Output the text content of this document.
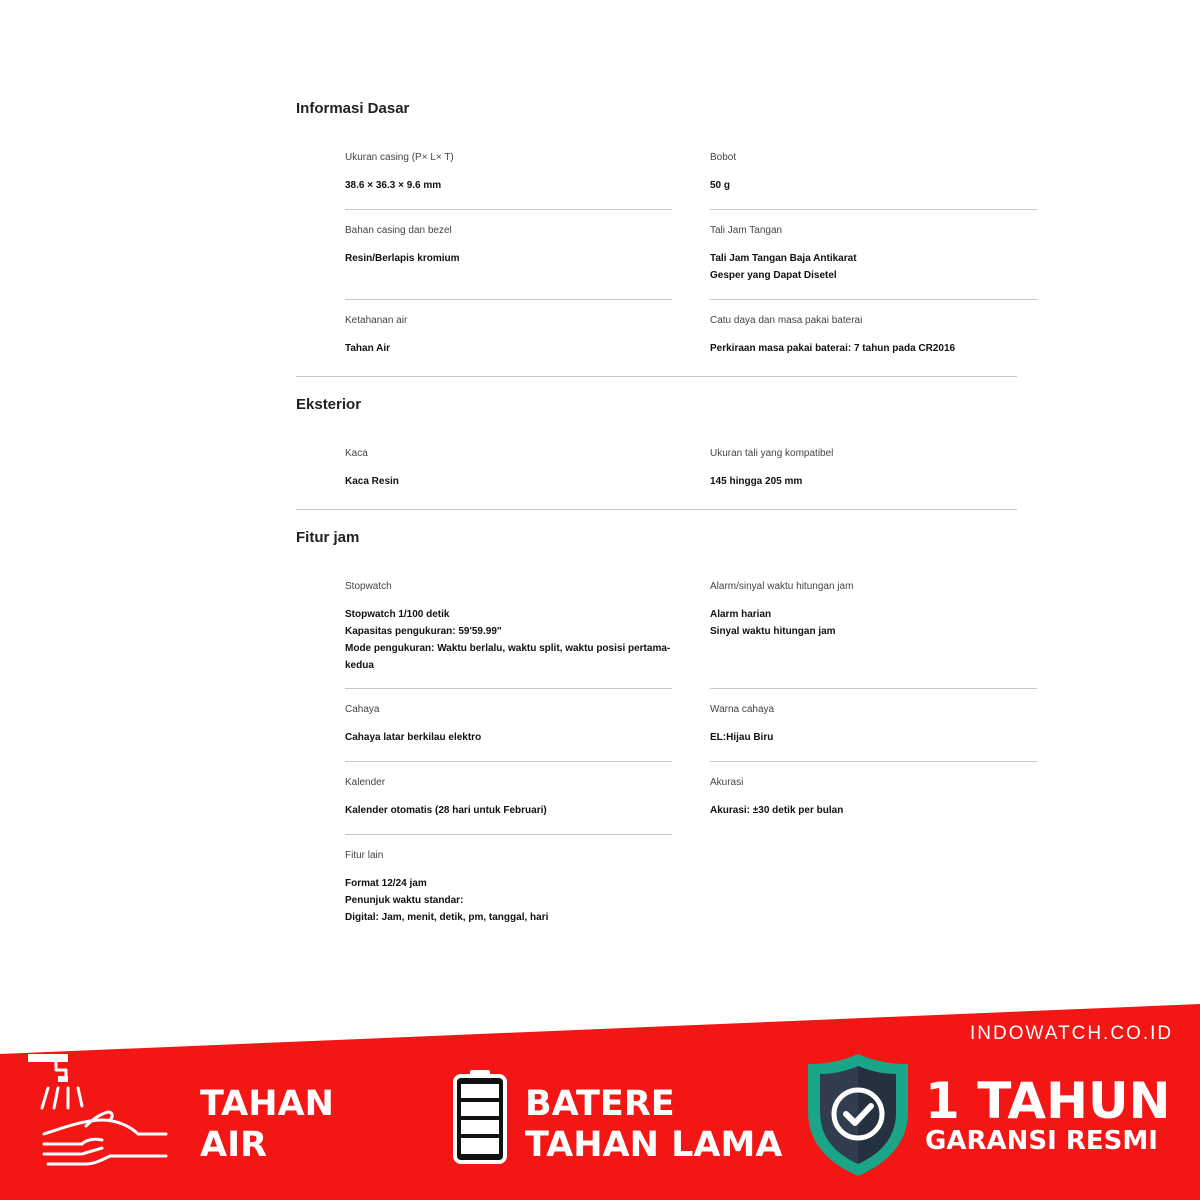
Informasi Dasar
Ukuran casing (P× L× T)
38.6 × 36.3 × 9.6 mm
Bobot
50 g
Bahan casing dan bezel
Resin/Berlapis kromium
Tali Jam Tangan
Tali Jam Tangan Baja Antikarat
Gesper yang Dapat Disetel
Ketahanan air
Tahan Air
Catu daya dan masa pakai baterai
Perkiraan masa pakai baterai: 7 tahun pada CR2016
Eksterior
Kaca
Kaca Resin
Ukuran tali yang kompatibel
145 hingga 205 mm
Fitur jam
Stopwatch
Stopwatch 1/100 detik
Kapasitas pengukuran: 59'59.99"
Mode pengukuran: Waktu berlalu, waktu split, waktu posisi pertama-
kedua
Alarm/sinyal waktu hitungan jam
Alarm harian
Sinyal waktu hitungan jam
Cahaya
Cahaya latar berkilau elektro
Warna cahaya
EL:Hijau Biru
Kalender
Kalender otomatis (28 hari untuk Februari)
Akurasi
Akurasi: ±30 detik per bulan
Fitur lain
Format 12/24 jam
Penunjuk waktu standar:
Digital: Jam, menit, detik, pm, tanggal, hari
INDOWATCH.CO.ID
TAHAN
AIR
BATERE
TAHAN LAMA
1 TAHUN
GARANSI RESMI
